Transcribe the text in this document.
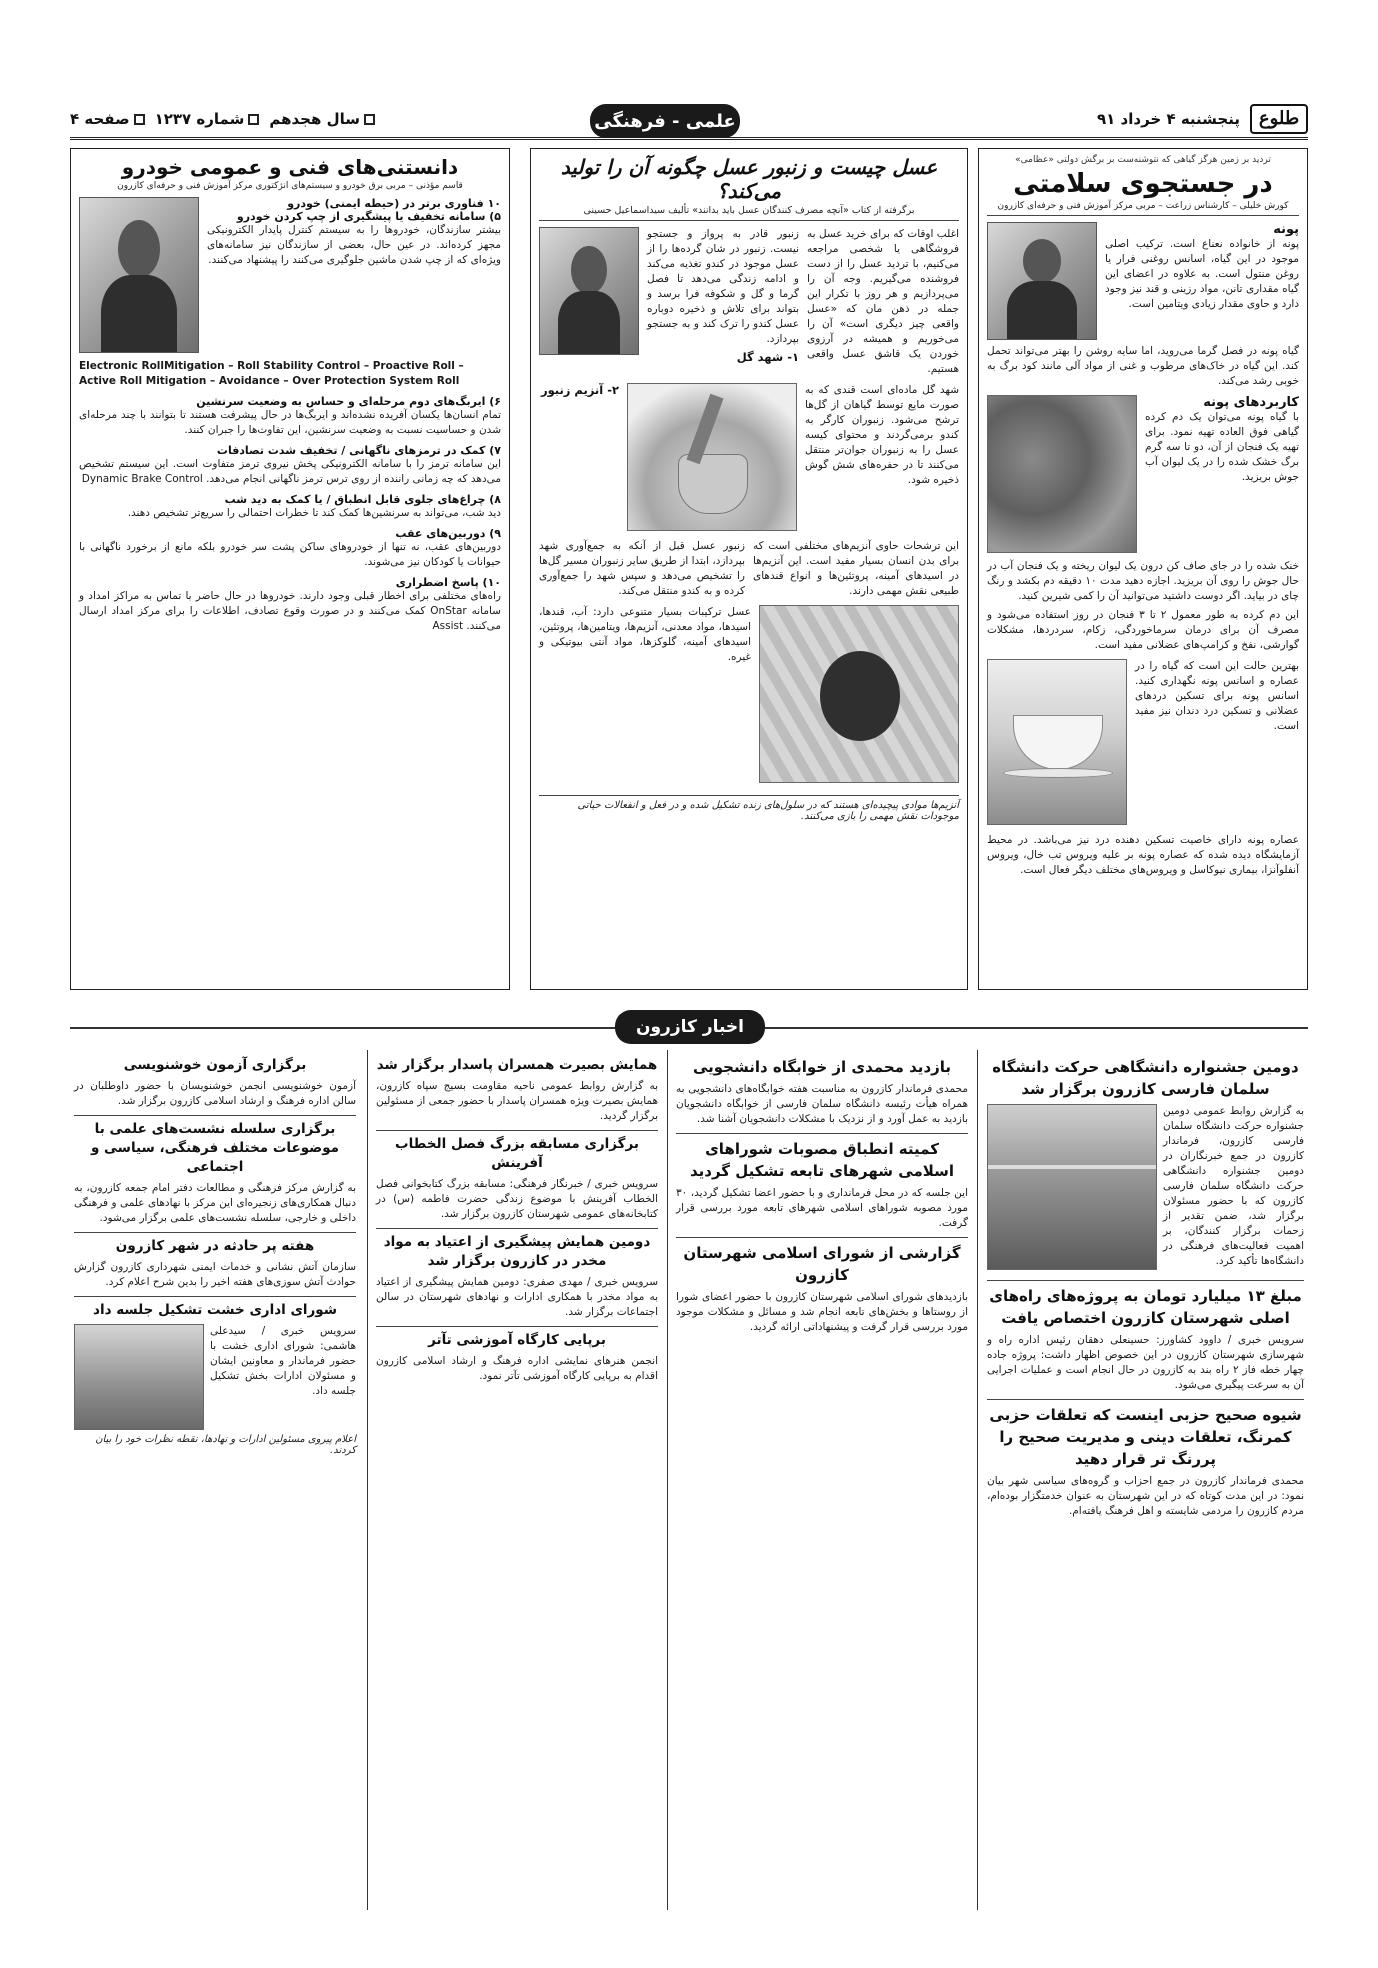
طلوع
پنجشنبه ۴ خرداد ۹۱
سال هجدهم
شماره ۱۲۳۷
صفحه ۴	علمی - فرهنگی
تردید بر زمین هرگز گیاهی که نتوشنه‌ست بر برگش دولتی «عظامی»
در جستجوی سلامتی
کورش خلیلی – کارشناس زراعت – مربی مرکز آموزش فنی و حرفه‌ای کازرون
پونه
پونه از خانواده نعناع است. ترکیب اصلی موجود در این گیاه، اسانس روغنی فرار یا روغن منتول است. به علاوه در اعضای این گیاه مقداری تانن، مواد رزینی و قند نیز وجود دارد و حاوی مقدار زیادی ویتامین است.
گیاه پونه در فصل گرما می‌روید، اما سایه روشن را بهتر می‌تواند تحمل کند. این گیاه در خاک‌های مرطوب و غنی از مواد آلی مانند کود برگ به خوبی رشد می‌کند.
کاربردهای پونه
با گیاه پونه می‌توان یک دم کرده گیاهی فوق العاده تهیه نمود. برای تهیه یک فنجان از آن، دو تا سه گرم برگ خشک شده را در یک لیوان آب جوش بریزید.
خنک شده را در جای صاف کن درون یک لیوان ریخته و یک فنجان آب در حال جوش را روی آن بریزید. اجازه دهید مدت ۱۰ دقیقه دم بکشد و رنگ چای در بیاید. اگر دوست داشتید می‌توانید آن را کمی شیرین کنید.
این دم کرده به طور معمول ۲ تا ۳ فنجان در روز استفاده می‌شود و مصرف آن برای درمان سرماخوردگی، زکام، سردردها، مشکلات گوارشی، نفخ و کرامپ‌های عضلانی مفید است.
بهترین حالت این است که گیاه را در عصاره و اسانس پونه نگهداری کنید. اسانس پونه برای تسکین دردهای عضلانی و تسکین درد دندان نیز مفید است.
عصاره پونه دارای خاصیت تسکین دهنده درد نیز می‌باشد. در محیط آزمایشگاه دیده شده که عصاره پونه بر علیه ویروس تب خال، ویروس آنفلوآنزا، بیماری نیوکاسل و ویروس‌های مختلف دیگر فعال است.
عسل چیست و زنبور عسل چگونه آن را تولید می‌کند؟
برگرفته از کتاب «آنچه مصرف کنندگان عسل باید بدانند» تألیف سیداسماعیل حسینی
اغلب اوقات که برای خرید عسل به فروشگاهی یا شخصی مراجعه می‌کنیم، با تردید عسل را از دست فروشنده می‌گیریم. وجه آن را می‌پردازیم و هر روز با تکرار این جمله در ذهن مان که «عسل واقعی چیز دیگری است» آن را می‌خوریم و همیشه در آرزوی خوردن یک قاشق عسل واقعی هستیم.
زنبور قادر به پرواز و جستجو نیست. زنبور در شان گرده‌ها را از عسل موجود در کندو تغذیه می‌کند و ادامه زندگی می‌دهد تا فصل گرما و گل و شکوفه فرا برسد و بتواند برای تلاش و ذخیره دوباره عسل کندو را ترک کند و به جستجو بپردازد.
۱- شهد گل
شهد گل ماده‌ای است قندی که به صورت مایع توسط گیاهان از گل‌ها ترشح می‌شود. زنبوران کارگر به کندو برمی‌گردند و محتوای کیسه عسل را به زنبوران جوان‌تر منتقل می‌کنند تا در حفره‌های شش گوش ذخیره شود.
۲- آنزیم زنبور
این ترشحات حاوی آنزیم‌های مختلفی است که برای بدن انسان بسیار مفید است. این آنزیم‌ها در اسیدهای آمینه، پروتئین‌ها و انواع قندهای طبیعی نقش مهمی دارند.
زنبور عسل قبل از آنکه به جمع‌آوری شهد بپردازد، ابتدا از طریق سایر زنبوران مسیر گل‌ها را تشخیص می‌دهد و سپس شهد را جمع‌آوری کرده و به کندو منتقل می‌کند.
عسل ترکیبات بسیار متنوعی دارد: آب، قندها، اسیدها، مواد معدنی، آنزیم‌ها، ویتامین‌ها، پروتئین، اسیدهای آمینه، گلوکزها، مواد آنتی بیوتیکی و غیره.
آنزیم‌ها موادی پیچیده‌ای هستند که در سلول‌های زنده تشکیل شده و در فعل و انفعالات حیاتی موجودات نقش مهمی را بازی می‌کنند.
دانستنی‌های فنی و عمومی خودرو
قاسم مؤذنی – مربی برق خودرو و سیستم‌های انژکتوری مرکز آموزش فنی و حرفه‌ای کازرون
۱۰ فناوری برتر در (حیطه ایمنی) خودرو
۵) سامانه تخفیف یا پیشگیری از چپ کردن خودرو
بیشتر سازندگان، خودروها را به سیستم کنترل پایدار الکترونیکی مجهز کرده‌اند. در عین حال، بعضی از سازندگان نیز سامانه‌های ویژه‌ای که از چپ شدن ماشین جلوگیری می‌کنند را پیشنهاد می‌کنند.
Electronic RollMitigation – Roll Stability Control – Proactive Roll – Active Roll Mitigation – Avoidance – Over Protection System Roll
۶) ایربگ‌های دوم مرحله‌ای و حساس به وضعیت سرنشین
تمام انسان‌ها یکسان آفریده نشده‌اند و ایربگ‌ها در حال پیشرفت هستند تا بتوانند با چند مرحله‌ای شدن و حساسیت نسبت به وضعیت سرنشین، این تفاوت‌ها را جبران کنند.
۷) کمک در ترمزهای ناگهانی / تخفیف شدت تصادفات
این سامانه ترمز را با سامانه الکترونیکی پخش نیروی ترمز متفاوت است. این سیستم تشخیص می‌دهد که چه زمانی راننده از روی ترس ترمز ناگهانی انجام می‌دهد. Dynamic Brake Control
۸) چراغ‌های جلوی قابل انطباق / یا کمک به دید شب
دید شب، می‌تواند به سرنشین‌ها کمک کند تا خطرات احتمالی را سریع‌تر تشخیص دهند.
۹) دوربین‌های عقب
دوربین‌های عقب، نه تنها از خودروهای ساکن پشت سر خودرو بلکه مانع از برخورد ناگهانی با حیوانات یا کودکان نیز می‌شوند.
۱۰) پاسخ اضطراری
راه‌های مختلفی برای اخطار قبلی وجود دارند. خودروها در حال حاضر با تماس به مراکز امداد و سامانه OnStar کمک می‌کنند و در صورت وقوع تصادف، اطلاعات را برای مرکز امداد ارسال می‌کنند. Assist
اخبار کازرون
دومین جشنواره دانشگاهی حرکت دانشگاه سلمان فارسی کازرون برگزار شد
به گزارش روابط عمومی دومین جشنواره حرکت دانشگاه سلمان فارسی کازرون، فرماندار کازرون در جمع خبرنگاران در دومین جشنواره دانشگاهی حرکت دانشگاه سلمان فارسی کازرون که با حضور مسئولان برگزار شد، ضمن تقدیر از زحمات برگزار کنندگان، بر اهمیت فعالیت‌های فرهنگی در دانشگاه‌ها تأکید کرد.
مبلغ ۱۳ میلیارد تومان به پروژه‌های راه‌های اصلی شهرستان کازرون اختصاص یافت
سرویس خبری / داوود کشاورز: حسینعلی دهقان رئیس اداره راه و شهرسازی شهرستان کازرون در این خصوص اظهار داشت: پروژه جاده چهار خطه فاز ۲ راه بند به کازرون در حال انجام است و عملیات اجرایی آن به سرعت پیگیری می‌شود.
شیوه صحیح حزبی اینست که تعلقات حزبی کمرنگ، تعلقات دینی و مدیریت صحیح را پررنگ تر قرار دهید
محمدی فرماندار کازرون در جمع احزاب و گروه‌های سیاسی شهر بیان نمود: در این مدت کوتاه که در این شهرستان به عنوان خدمتگزار بوده‌ام، مردم کازرون را مردمی شایسته و اهل فرهنگ یافته‌ام.
بازدید محمدی از خوابگاه دانشجویی
محمدی فرماندار کازرون به مناسبت هفته خوابگاه‌های دانشجویی به همراه هیأت رئیسه دانشگاه سلمان فارسی از خوابگاه دانشجویان بازدید به عمل آورد و از نزدیک با مشکلات دانشجویان آشنا شد.
کمیته انطباق مصوبات شوراهای اسلامی شهرهای تابعه تشکیل گردید
این جلسه که در محل فرمانداری و با حضور اعضا تشکیل گردید، ۳۰ مورد مصوبه شوراهای اسلامی شهرهای تابعه مورد بررسی قرار گرفت.
گزارشی از شورای اسلامی شهرستان کازرون
بازدیدهای شورای اسلامی شهرستان کازرون با حضور اعضای شورا از روستاها و بخش‌های تابعه انجام شد و مسائل و مشکلات موجود مورد بررسی قرار گرفت و پیشنهاداتی ارائه گردید.
همایش بصیرت همسران پاسدار برگزار شد
به گزارش روابط عمومی ناحیه مقاومت بسیج سپاه کازرون، همایش بصیرت ویژه همسران پاسدار با حضور جمعی از مسئولین برگزار گردید.
برگزاری مسابقه بزرگ فصل الخطاب آفرینش
سرویس خبری / خبرنگار فرهنگی: مسابقه بزرگ کتابخوانی فصل الخطاب آفرینش با موضوع زندگی حضرت فاطمه (س) در کتابخانه‌های عمومی شهرستان کازرون برگزار شد.
دومین همایش پیشگیری از اعتیاد به مواد مخدر در کازرون برگزار شد
سرویس خبری / مهدی صفری: دومین همایش پیشگیری از اعتیاد به مواد مخدر با همکاری ادارات و نهادهای شهرستان در سالن اجتماعات برگزار شد.
برپایی کارگاه آموزشی تآتر
انجمن هنرهای نمایشی اداره فرهنگ و ارشاد اسلامی کازرون اقدام به برپایی کارگاه آموزشی تآتر نمود.
برگزاری آزمون خوشنویسی
آزمون خوشنویسی انجمن خوشنویسان با حضور داوطلبان در سالن اداره فرهنگ و ارشاد اسلامی کازرون برگزار شد.
برگزاری سلسله نشست‌های علمی با موضوعات مختلف فرهنگی، سیاسی و اجتماعی
به گزارش مرکز فرهنگی و مطالعات دفتر امام جمعه کازرون، به دنبال همکاری‌های زنجیره‌ای این مرکز با نهادهای علمی و فرهنگی داخلی و خارجی، سلسله نشست‌های علمی برگزار می‌شود.
هفته پر حادثه در شهر کازرون
سازمان آتش نشانی و خدمات ایمنی شهرداری کازرون گزارش حوادث آتش سوزی‌های هفته اخیر را بدین شرح اعلام کرد.
شورای اداری خشت تشکیل جلسه داد
سرویس خبری / سیدعلی هاشمی: شورای اداری خشت با حضور فرماندار و معاونین ایشان و مسئولان ادارات بخش تشکیل جلسه داد.
اعلام پیروی مسئولین ادارات و نهادها، نقطه نظرات خود را بیان کردند.
